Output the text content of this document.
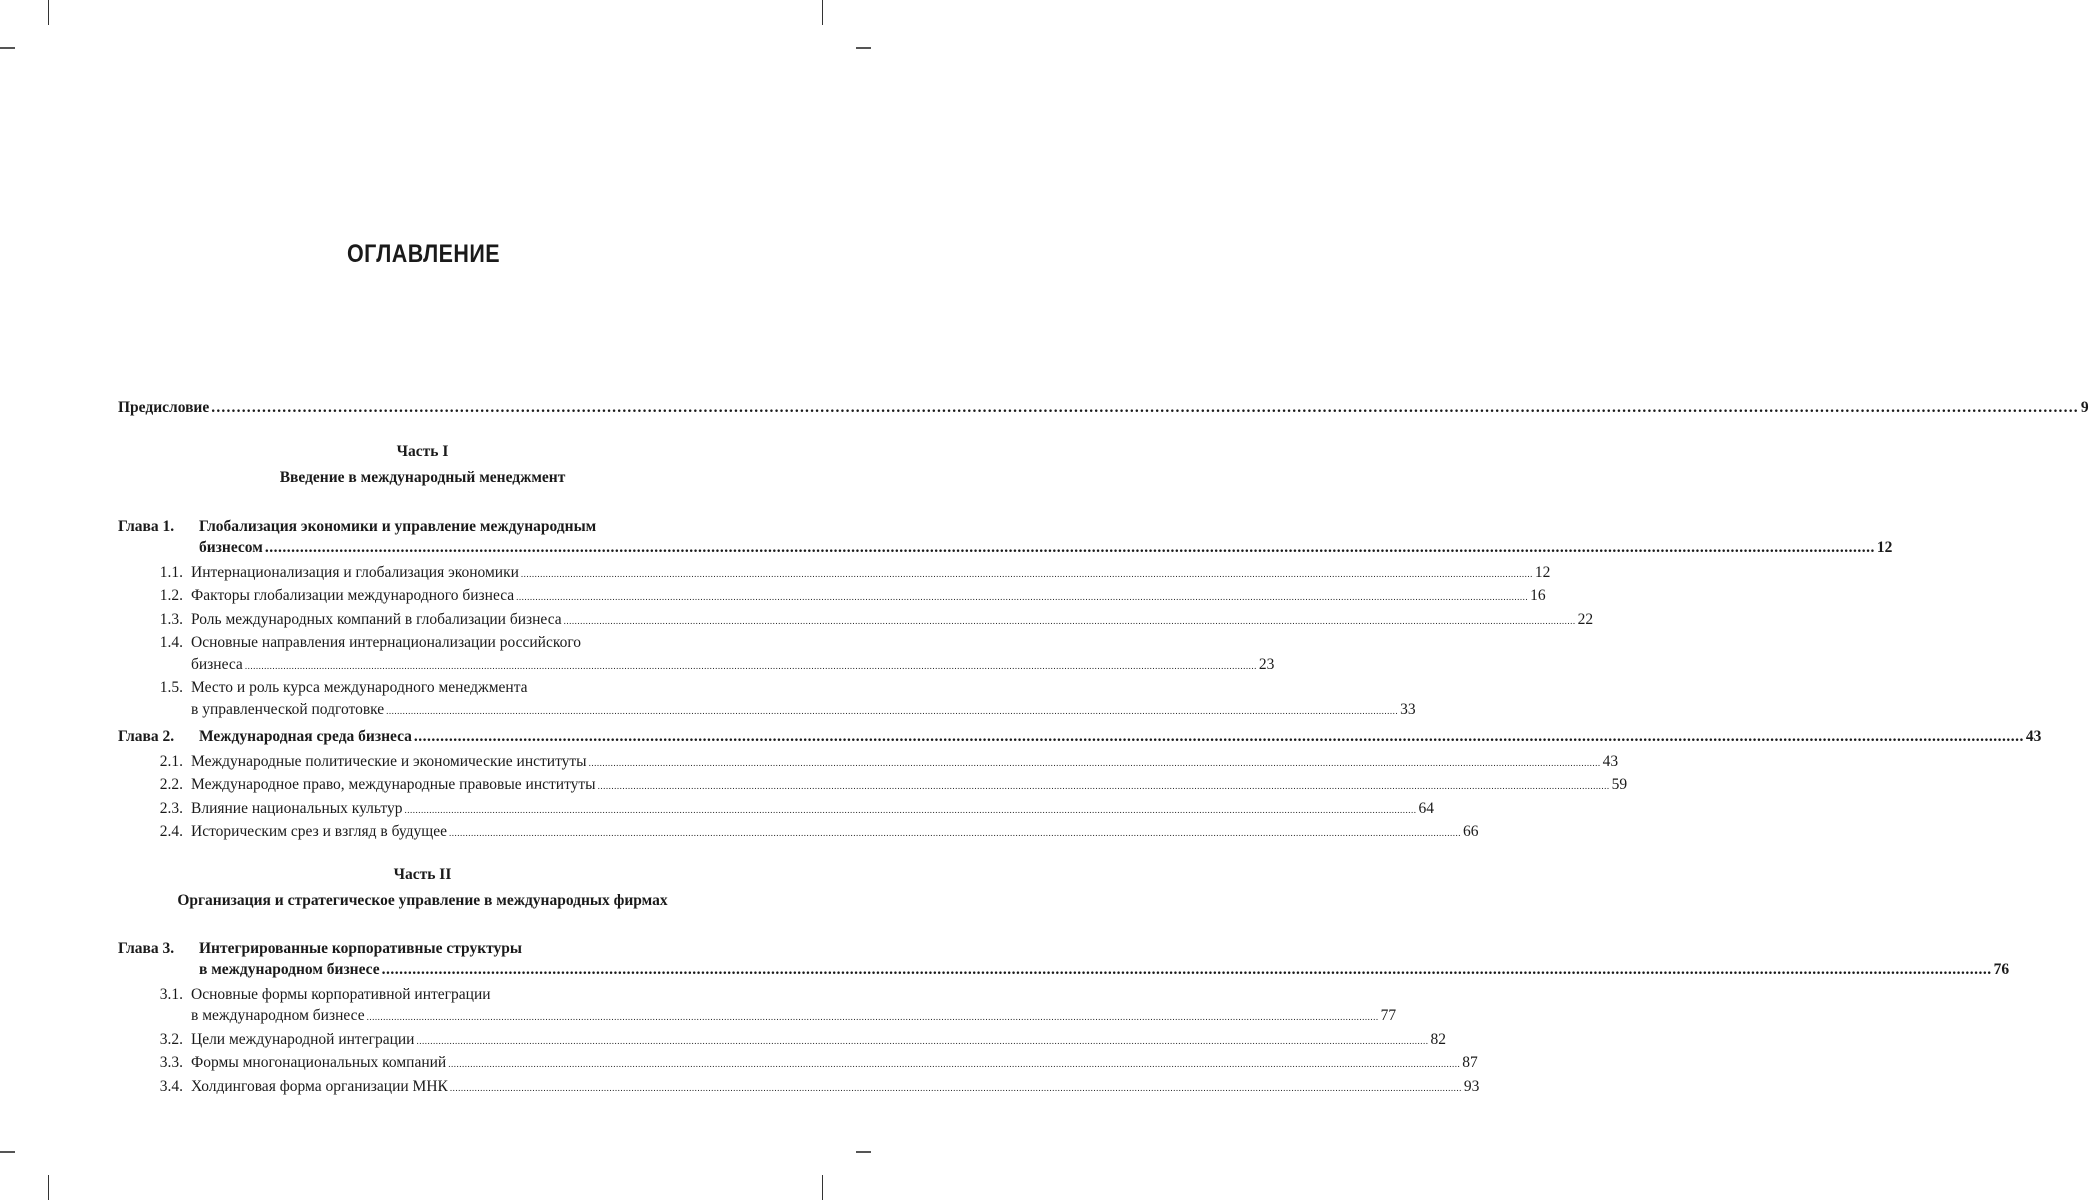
ОГЛАВЛЕНИЕ
Предисловие .....	9
Часть I
Введение в международный менеджмент
Глава 1.	Глобализация экономики и управление международным
бизнесом .....	12
1.1. Интернационализация и глобализация экономики .....	12
1.2. Факторы глобализации международного бизнеса .....	16
1.3. Роль международных компаний в глобализации бизнеса .....	22
1.4. Основные направления интернационализации российского
бизнеса .....	23
1.5. Место и роль курса международного менеджмента
в управленческой подготовке .....	33
Глава 2.	Международная среда бизнеса .....	43
2.1. Международные политические и экономические институты .....	43
2.2. Международное право, международные правовые институты .....	59
2.3. Влияние национальных культур .....	64
2.4. Историческим срез и взгляд в будущее .....	66
Часть II
Организация и стратегическое управление в международных фирмах
Глава 3.	Интегрированные корпоративные структуры
в международном бизнесе .....	76
3.1. Основные формы корпоративной интеграции
в международном бизнесе .....	77
3.2. Цели международной интеграции .....	82
3.3. Формы многонациональных компаний .....	87
3.4. Холдинговая форма организации МНК .....	93
